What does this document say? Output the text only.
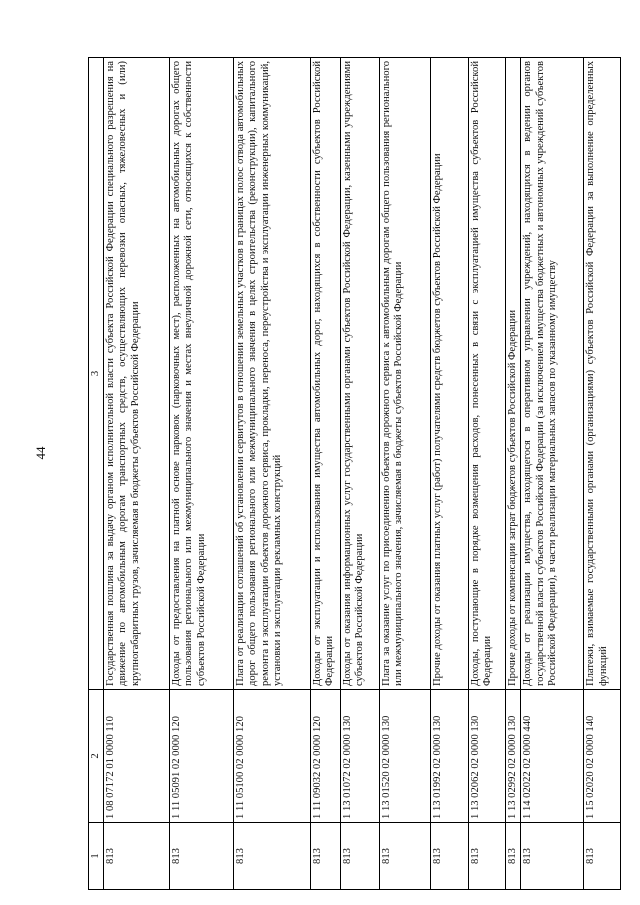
44
1	2	3
813	1 08 07172 01 0000 110	Государственная пошлина за выдачу органом исполнительной власти субъекта Российской Федерации специального разрешения на движение по автомобильным дорогам транспортных средств, осуществляющих перевозки опасных, тяжеловесных и (или) крупногабаритных грузов, зачисляемая в бюджеты субъектов Российской Федерации
813	1 11 05091 02 0000 120	Доходы от предоставления на платной основе парковок (парковочных мест), расположенных на автомобильных дорогах общего пользования регионального или межмуниципального значения и местах внеуличной дорожной сети, относящихся к собственности субъектов Российской Федерации
813	1 11 05100 02 0000 120	Плата от реализации соглашений об установлении сервитутов в отношении земельных участков в границах полос отвода автомобильных дорог общего пользования регионального или межмуниципального значения в целях строительства (реконструкции), капитального ремонта и эксплуатации объектов дорожного сервиса, прокладки, переноса, переустройства и эксплуатации инженерных коммуникаций, установки и эксплуатации рекламных конструкций
813	1 11 09032 02 0000 120	Доходы от эксплуатации и использования имущества автомобильных дорог, находящихся в собственности субъектов Российской Федерации
813	1 13 01072 02 0000 130	Доходы от оказания информационных услуг государственными органами субъектов Российской Федерации, казенными учреждениями субъектов Российской Федерации
813	1 13 01520 02 0000 130	Плата за оказание услуг по присоединению объектов дорожного сервиса к автомобильным дорогам общего пользования регионального или межмуниципального значения, зачисляемая в бюджеты субъектов Российской Федерации
813	1 13 01992 02 0000 130	Прочие доходы от оказания платных услуг (работ) получателями средств бюджетов субъектов Российской Федерации
813	1 13 02062 02 0000 130	Доходы, поступающие в порядке возмещения расходов, понесенных в связи с эксплуатацией имущества субъектов Российской Федерации
813	1 13 02992 02 0000 130	Прочие доходы от компенсации затрат бюджетов субъектов Российской Федерации
813	1 14 02022 02 0000 440	Доходы от реализации имущества, находящегося в оперативном управлении учреждений, находящихся в ведении органов государственной власти субъектов Российской Федерации (за исключением имущества бюджетных и автономных учреждений субъектов Российской Федерации), в части реализации материальных запасов по указанному имуществу
813	1 15 02020 02 0000 140	Платежи, взимаемые государственными органами (организациями) субъектов Российской Федерации за выполнение определенных функций
